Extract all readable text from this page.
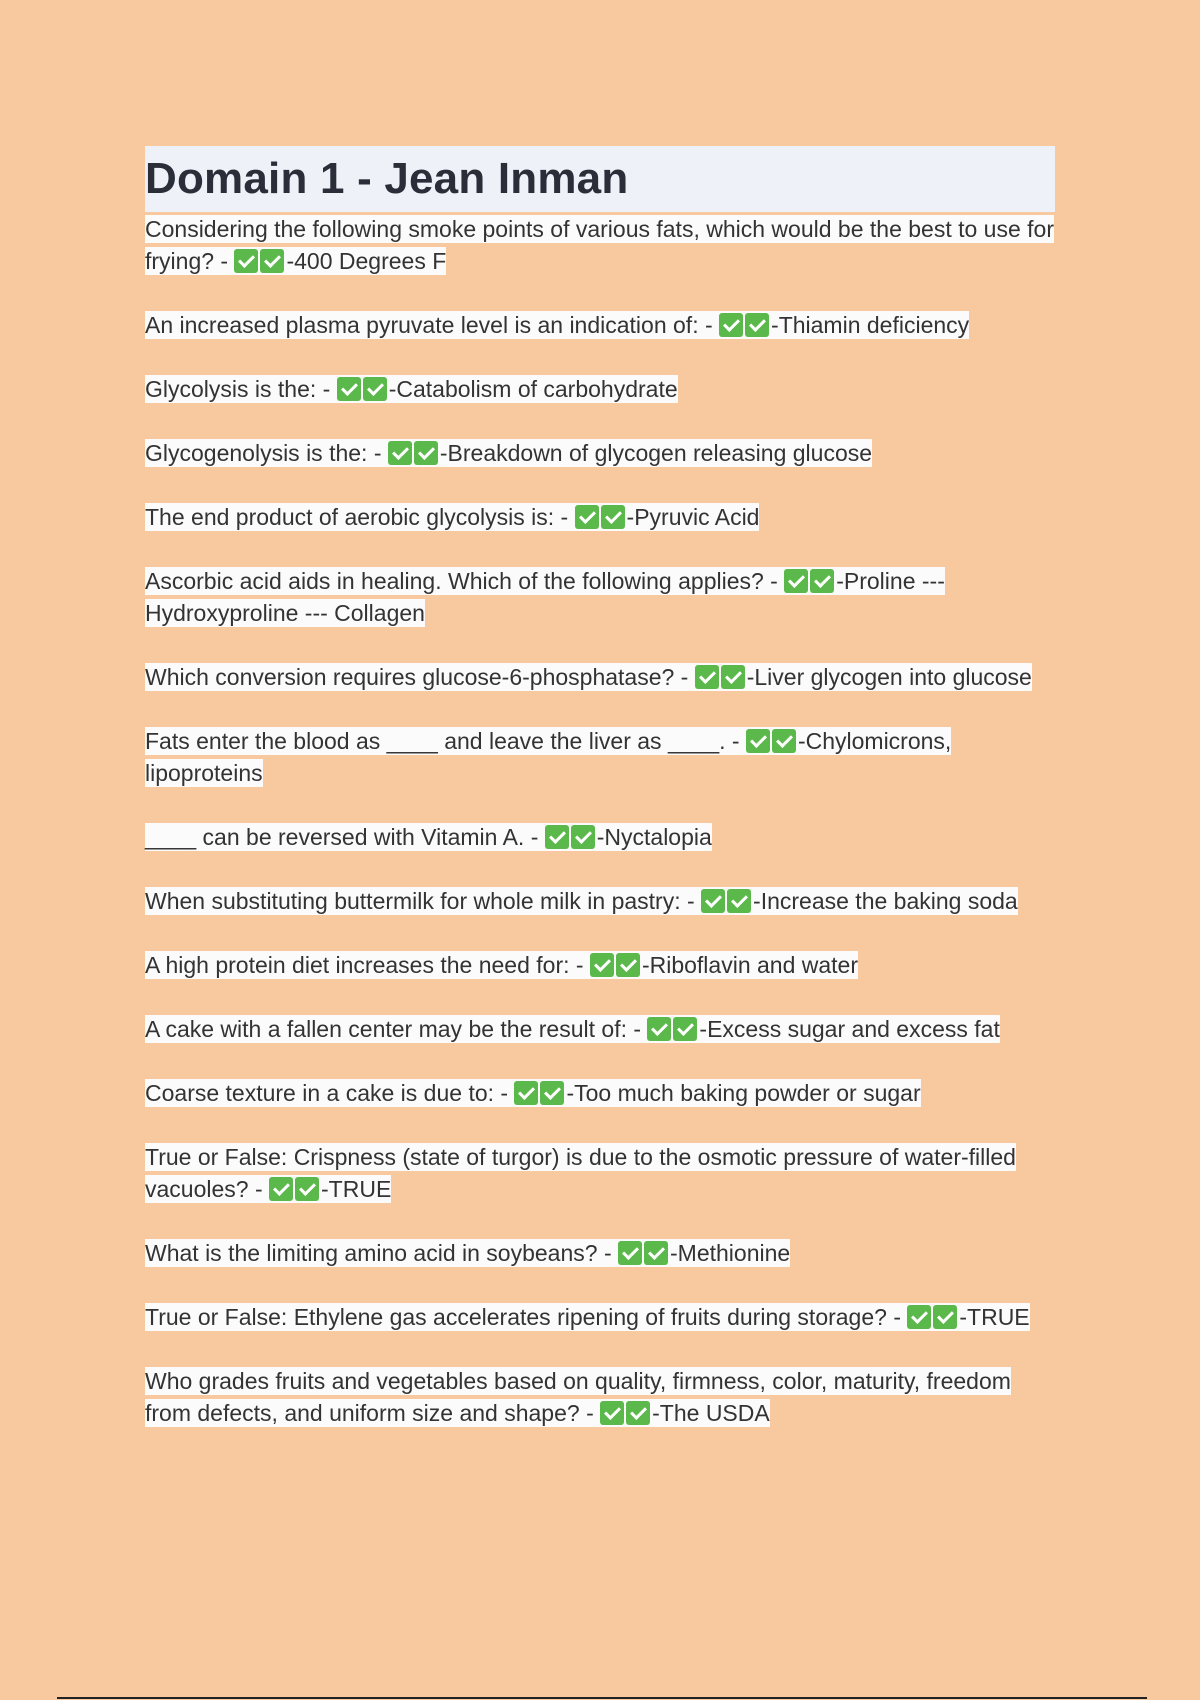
Domain 1 - Jean Inman

Considering the following smoke points of various fats, which would be the best to use for frying? - -400 Degrees F

An increased plasma pyruvate level is an indication of: - -Thiamin deficiency

Glycolysis is the: - -Catabolism of carbohydrate

Glycogenolysis is the: - -Breakdown of glycogen releasing glucose

The end product of aerobic glycolysis is: - -Pyruvic Acid

Ascorbic acid aids in healing. Which of the following applies? - -Proline --- Hydroxyproline --- Collagen

Which conversion requires glucose-6-phosphatase? - -Liver glycogen into glucose

Fats enter the blood as ____ and leave the liver as ____. - -Chylomicrons, lipoproteins

____ can be reversed with Vitamin A. - -Nyctalopia

When substituting buttermilk for whole milk in pastry: - -Increase the baking soda

A high protein diet increases the need for: - -Riboflavin and water

A cake with a fallen center may be the result of: - -Excess sugar and excess fat

Coarse texture in a cake is due to: - -Too much baking powder or sugar

True or False: Crispness (state of turgor) is due to the osmotic pressure of water-filled vacuoles? - -TRUE

What is the limiting amino acid in soybeans? - -Methionine

True or False: Ethylene gas accelerates ripening of fruits during storage? - -TRUE

Who grades fruits and vegetables based on quality, firmness, color, maturity, freedom from defects, and uniform size and shape? - -The USDA
